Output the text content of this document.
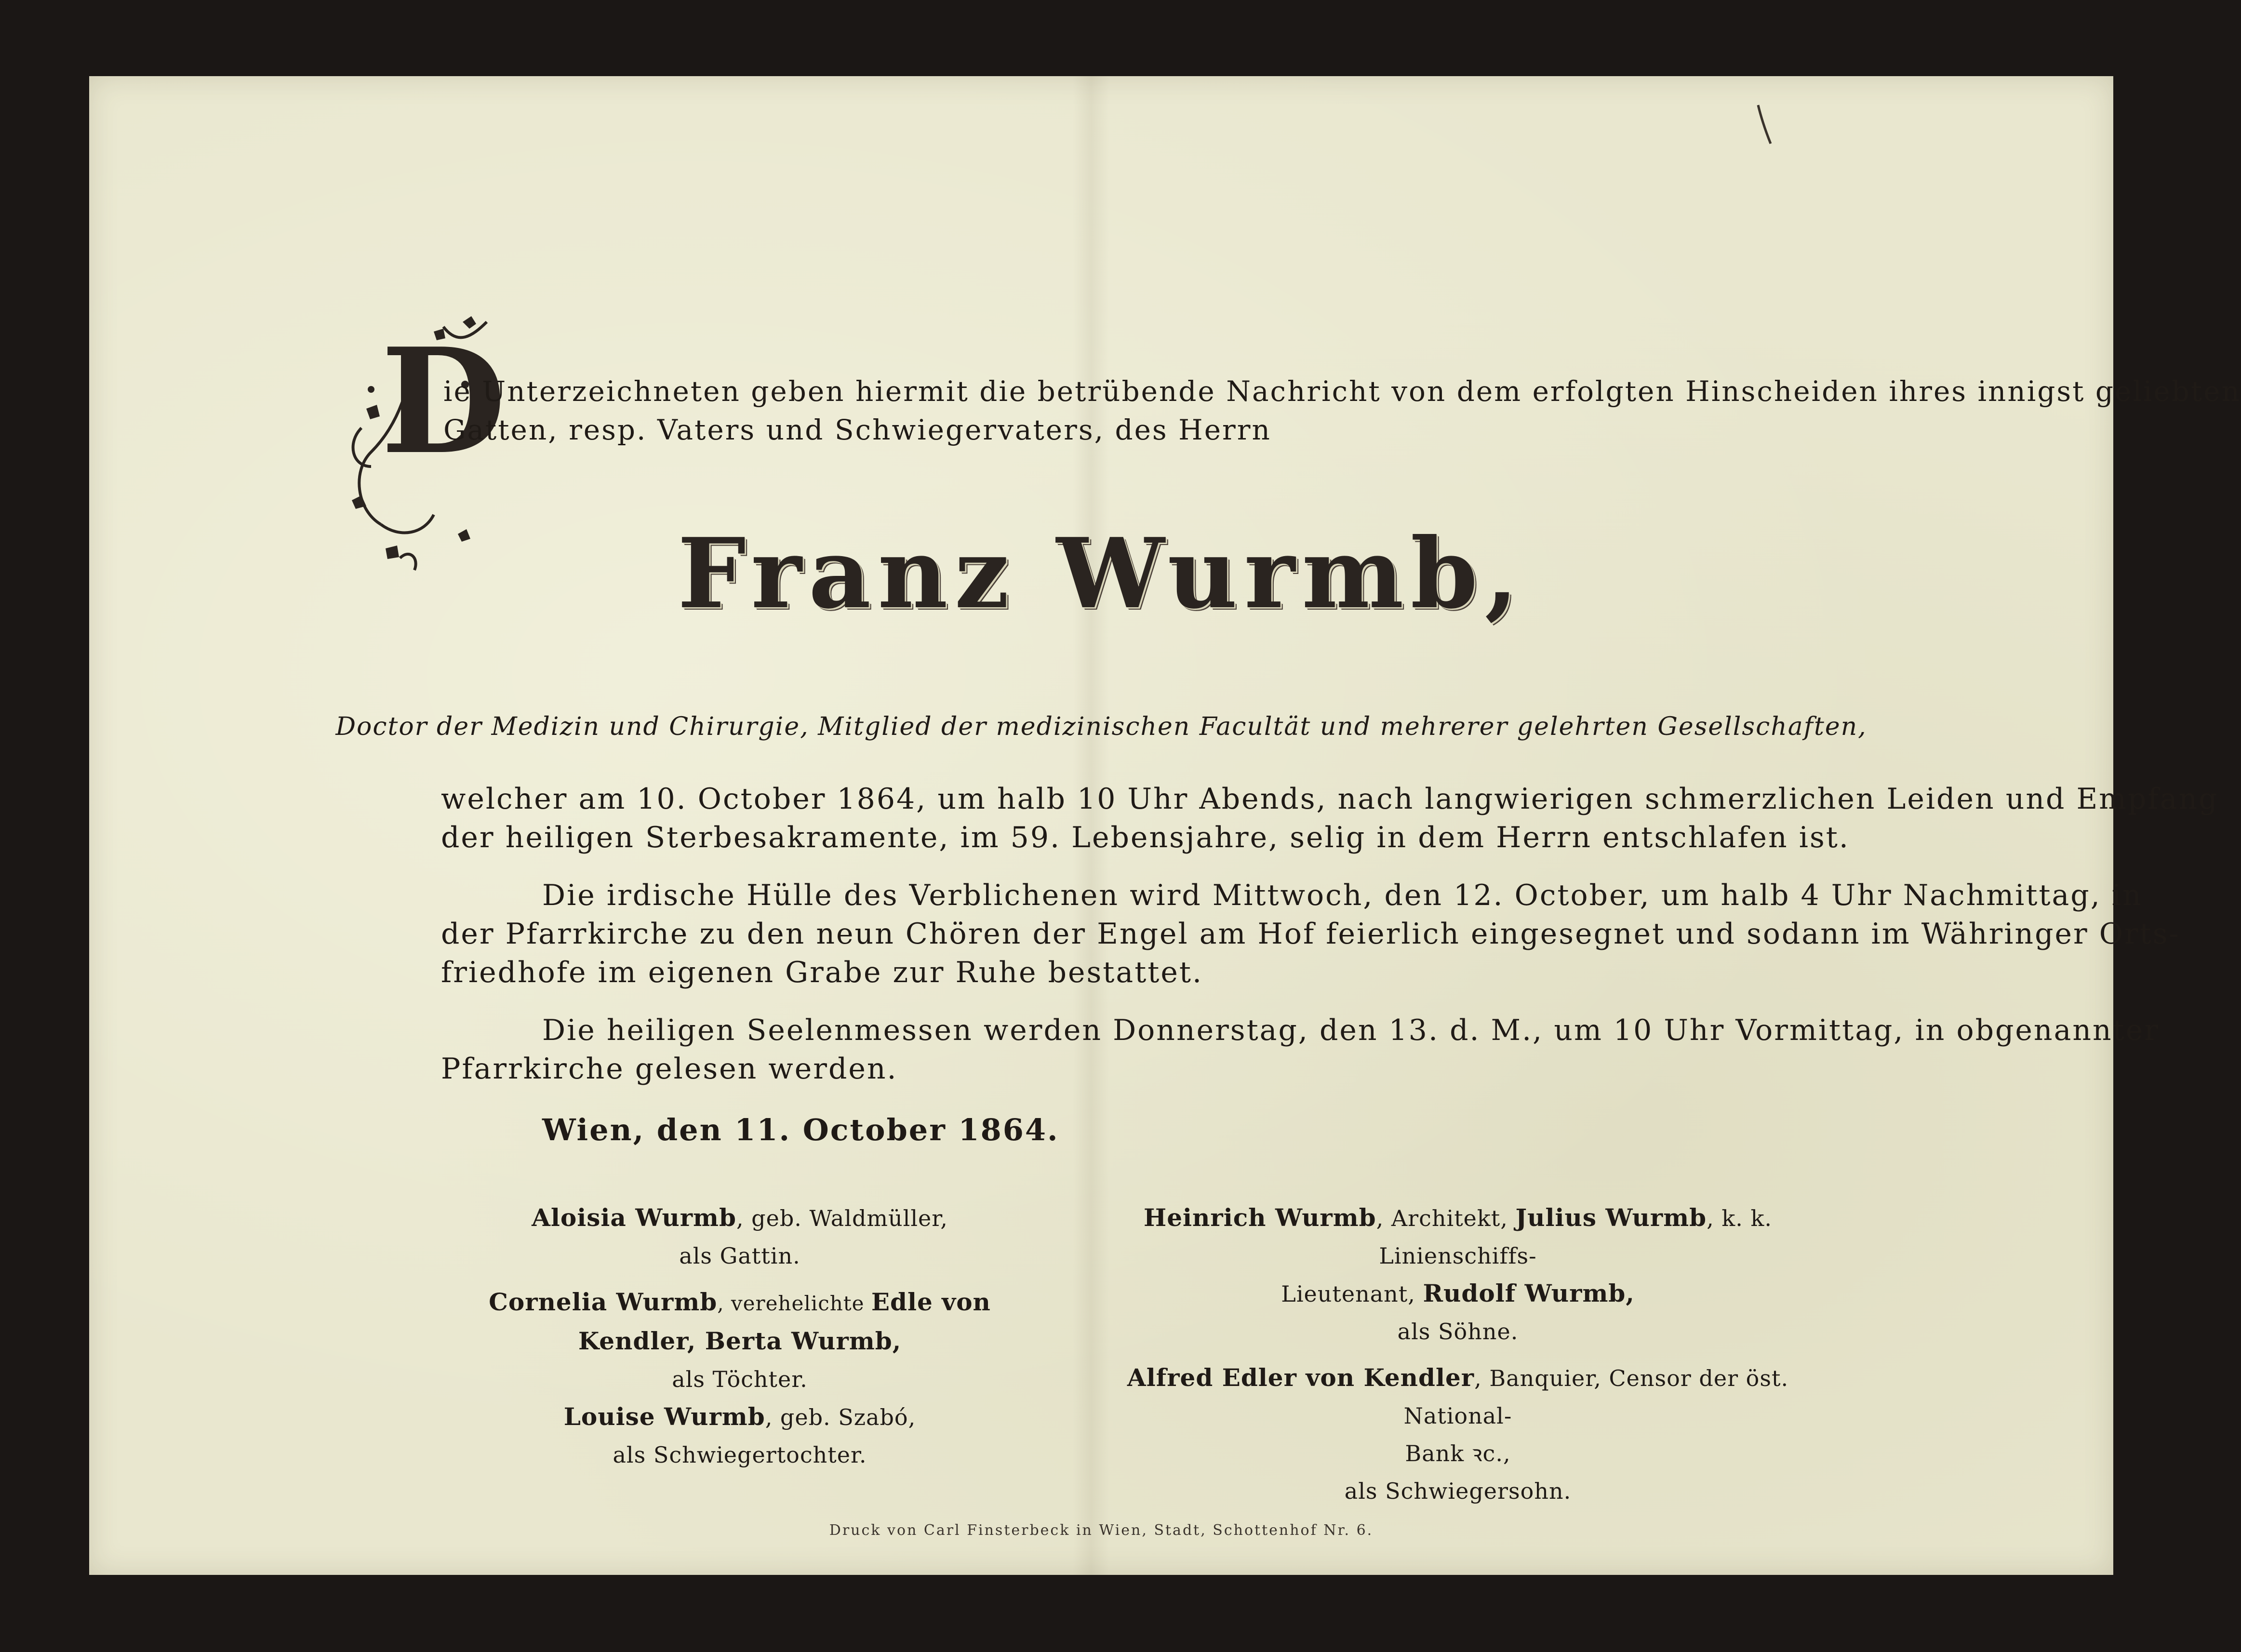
D
ie Unterzeichneten geben hiermit die betrübende Nachricht von dem erfolgten Hinscheiden ihres innigst geliebten
Gatten, resp. Vaters und Schwiegervaters, des Herrn
Franz Wurmb,
Doctor der Medizin und Chirurgie, Mitglied der medizinischen Facultät und mehrerer gelehrten Gesellschaften,
welcher am 10. October 1864, um halb 10 Uhr Abends, nach langwierigen schmerzlichen Leiden und Empfang
der heiligen Sterbesakramente, im 59. Lebensjahre, selig in dem Herrn entschlafen ist.
Die irdische Hülle des Verblichenen wird Mittwoch, den 12. October, um halb 4 Uhr Nachmittag, in
der Pfarrkirche zu den neun Chören der Engel am Hof feierlich eingesegnet und sodann im Währinger Orts-
friedhofe im eigenen Grabe zur Ruhe bestattet.
Die heiligen Seelenmessen werden Donnerstag, den 13. d. M., um 10 Uhr Vormittag, in obgenannter
Pfarrkirche gelesen werden.
Wien, den 11. October 1864.
Aloisia Wurmb, geb. Waldmüller,
als Gattin.
Cornelia Wurmb, verehelichte Edle von Kendler, Berta Wurmb,
als Töchter.
Louise Wurmb, geb. Szabó,
als Schwiegertochter.
Heinrich Wurmb, Architekt, Julius Wurmb, k. k. Linienschiffs-
Lieutenant, Rudolf Wurmb,
als Söhne.
Alfred Edler von Kendler, Banquier, Censor der öst. National-
Bank ꝛc.,
als Schwiegersohn.
Druck von Carl Finsterbeck in Wien, Stadt, Schottenhof Nr. 6.
